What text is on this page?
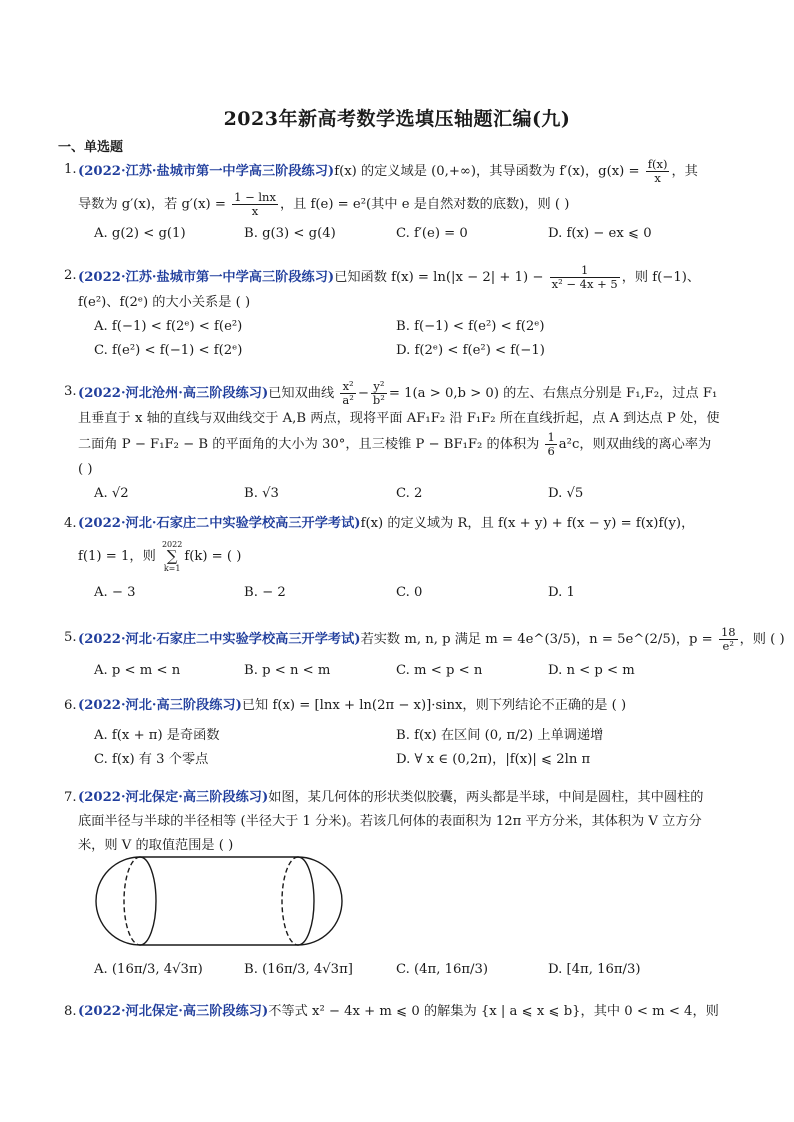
2023年新高考数学选填压轴题汇编(九)
一、单选题
1. (2022·江苏·盐城市第一中学高三阶段练习)f(x) 的定义域是 (0,+∞)，其导函数为 f′(x)，$g(x) = \frac{f(x)}{x}$ ，其
导数为 g′(x)，若 $g'(x) = \frac{1 - \ln x}{x}$ ，且 f(e) = e²(其中 e 是自然对数的底数)，则 ( )
A. g(2) < g(1)	B. g(3) < g(4)	C. f′(e) = 0	D. f(x) − ex ⩽ 0
2. (2022·江苏·盐城市第一中学高三阶段练习)已知函数 $f(x) = \ln(|x - 2| + 1) - \frac{1}{\text{x² − 4x + 5}}$ ，则 f(−1)、
f(e²)、f(2ᵉ) 的大小关系是 ( )
A. f(−1) < f(2ᵉ) < f(e²)	B. f(−1) < f(e²) < f(2ᵉ)
C. f(e²) < f(−1) < f(2ᵉ)	D. f(2ᵉ) < f(e²) < f(−1)
3. (2022·河北沧州·高三阶段练习)已知双曲线 $\frac{\text{x²}}{\text{a²}} - \frac{\text{y²}}{\text{b²}} = 1(a > 0,b > 0)$ 的左、右焦点分别是 F₁,F₂，过点 F₁
且垂直于 x 轴的直线与双曲线交于 A,B 两点，现将平面 AF₁F₂ 沿 F₁F₂ 所在直线折起，点 A 到达点 P 处，使
二面角 P − F₁F₂ − B 的平面角的大小为 30°，且三棱锥 P − BF₁F₂ 的体积为 $\frac{1}{6} a^2c$，则双曲线的离心率为
( )
A. √2	B. √3	C. 2	D. √5
4. (2022·河北·石家庄二中实验学校高三开学考试)f(x) 的定义域为 R，且 f(x + y) + f(x − y) = f(x)f(y)，
f(1) = 1，则
2022
∑
k=1
f(k) = ( )
A. − 3	B. − 2	C. 0	D. 1
5. (2022·河北·石家庄二中实验学校高三开学考试)若实数 m, n, p 满足 m = 4e^(3/5)，n = 5e^(2/5)，$p = \frac{18}{\text{e²}}$ ，则 ( )
A. p < m < n	B. p < n < m	C. m < p < n	D. n < p < m
6. (2022·河北·高三阶段练习)已知 f(x) = [lnx + ln(2π − x)]·sinx，则下列结论不正确的是 ( )
A. f(x + π) 是奇函数	B. f(x) 在区间 (0, π/2) 上单调递增
C. f(x) 有 3 个零点	D. ∀ x ∈ (0,2π)，|f(x)| ⩽ 2ln π
7. (2022·河北保定·高三阶段练习)如图，某几何体的形状类似胶囊，两头都是半球，中间是圆柱，其中圆柱的
底面半径与半球的半径相等 (半径大于 1 分米)。若该几何体的表面积为 12π 平方分米，其体积为 V 立方分
米，则 V 的取值范围是 ( )
A. (16π/3, 4√3π)	B. (16π/3, 4√3π]	C. (4π, 16π/3)	D. [4π, 16π/3)
8. (2022·河北保定·高三阶段练习)不等式 x² − 4x + m ⩽ 0 的解集为 {x | a ⩽ x ⩽ b}，其中 0 < m < 4，则
